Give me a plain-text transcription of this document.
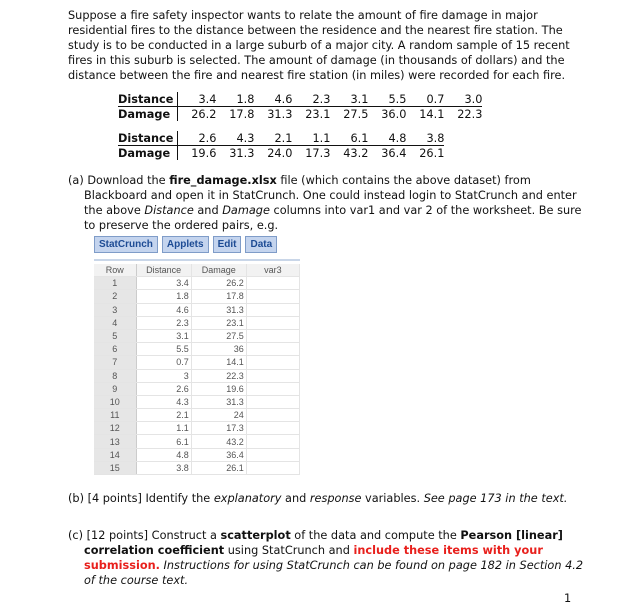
Suppose a fire safety inspector wants to relate the amount of fire damage in major residential fires to the distance between the residence and the nearest fire station. The study is to be conducted in a large suburb of a major city. A random sample of 15 recent fires in this suburb is selected. The amount of damage (in thousands of dollars) and the distance between the fire and nearest fire station (in miles) were recorded for each fire.
Distance	3.4	1.8	4.6	2.3	3.1	5.5	0.7	3.0
Damage	26.2	17.8	31.3	23.1	27.5	36.0	14.1	22.3
Distance	2.6	4.3	2.1	1.1	6.1	4.8	3.8
Damage	19.6	31.3	24.0	17.3	43.2	36.4	26.1
(a) Download the fire_damage.xlsx file (which contains the above dataset) from Blackboard and open it in StatCrunch. One could instead login to StatCrunch and enter the above Distance and Damage columns into var1 and var 2 of the worksheet. Be sure to preserve the ordered pairs, e.g.
StatCrunch	Applets	Edit	Data
Row	Distance	Damage	var3
1	3.4	26.2	
2	1.8	17.8	
3	4.6	31.3	
4	2.3	23.1	
5	3.1	27.5	
6	5.5	36	
7	0.7	14.1	
8	3	22.3	
9	2.6	19.6	
10	4.3	31.3	
11	2.1	24	
12	1.1	17.3	
13	6.1	43.2	
14	4.8	36.4	
15	3.8	26.1	
(b) [4 points] Identify the explanatory and response variables. See page 173 in the text.
(c) [12 points] Construct a scatterplot of the data and compute the Pearson [linear] correlation coefficient using StatCrunch and include these items with your submission. Instructions for using StatCrunch can be found on page 182 in Section 4.2 of the course text.
1
